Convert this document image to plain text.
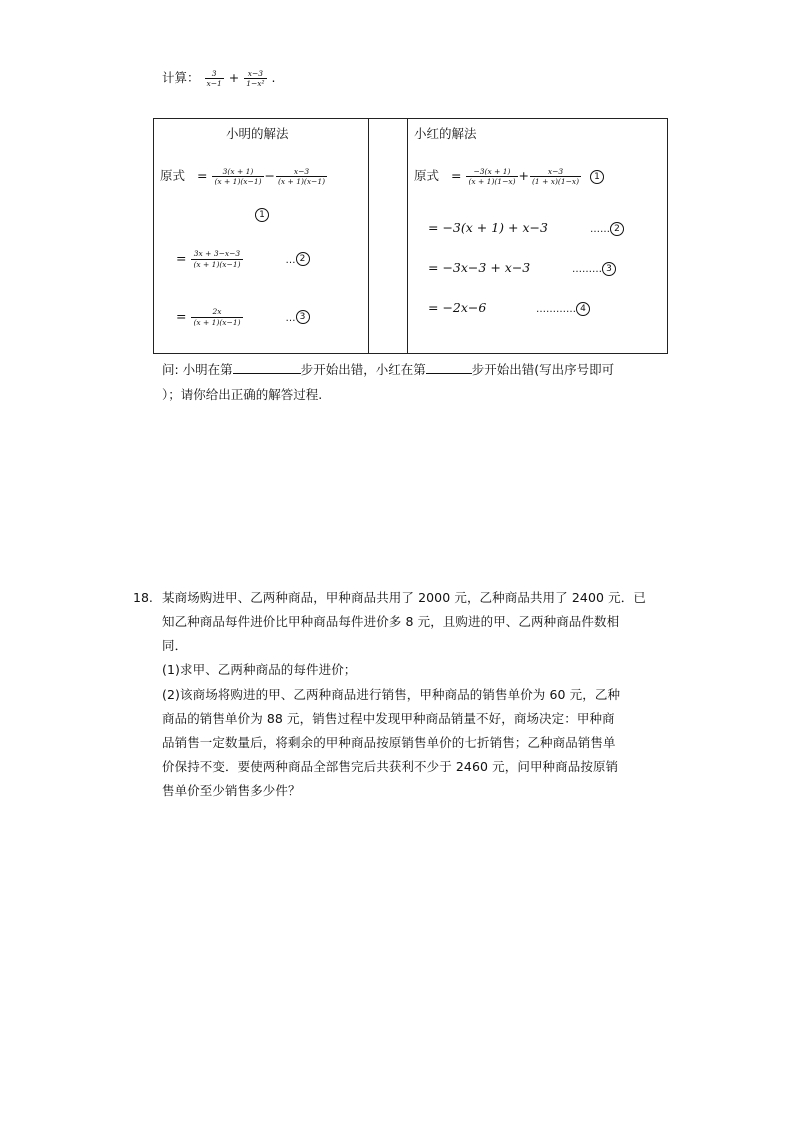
计算： $\frac{3}{x-1} + \frac{x-3}{\text{1−x²}}$ .
小明的解法
原式 = $\frac{3(x + 1)}{(x + 1)(x-1)} - \frac{x-3}{(x + 1)(x-1)}$
1
= $\frac{3x + 3-x-3}{(x + 1)(x-1)}$	… 2
= $\frac{2x}{(x + 1)(x-1)}$	… 3
小红的解法
原式 = $\frac{-3(x + 1)}{(x + 1)(1-x)} + \frac{x-3}{(1 + x)(1-x)} 1$
= −3(x + 1) + x−3	…… 2
= −3x−3 + x−3	……… 3
= −2x−6	………… 4
问: 小明在第	步开始出错，小红在第	步开始出错(写出序号即可
）；请你给出正确的解答过程.
18. 某商场购进甲、乙两种商品，甲种商品共用了 2000 元，乙种商品共用了 2400 元．已
知乙种商品每件进价比甲种商品每件进价多 8 元，且购进的甲、乙两种商品件数相
同．
(1)求甲、乙两种商品的每件进价；
(2)该商场将购进的甲、乙两种商品进行销售，甲种商品的销售单价为 60 元，乙种
商品的销售单价为 88 元，销售过程中发现甲种商品销量不好，商场决定：甲种商
品销售一定数量后，将剩余的甲种商品按原销售单价的七折销售；乙种商品销售单
价保持不变．要使两种商品全部售完后共获利不少于 2460 元，问甲种商品按原销
售单价至少销售多少件？
